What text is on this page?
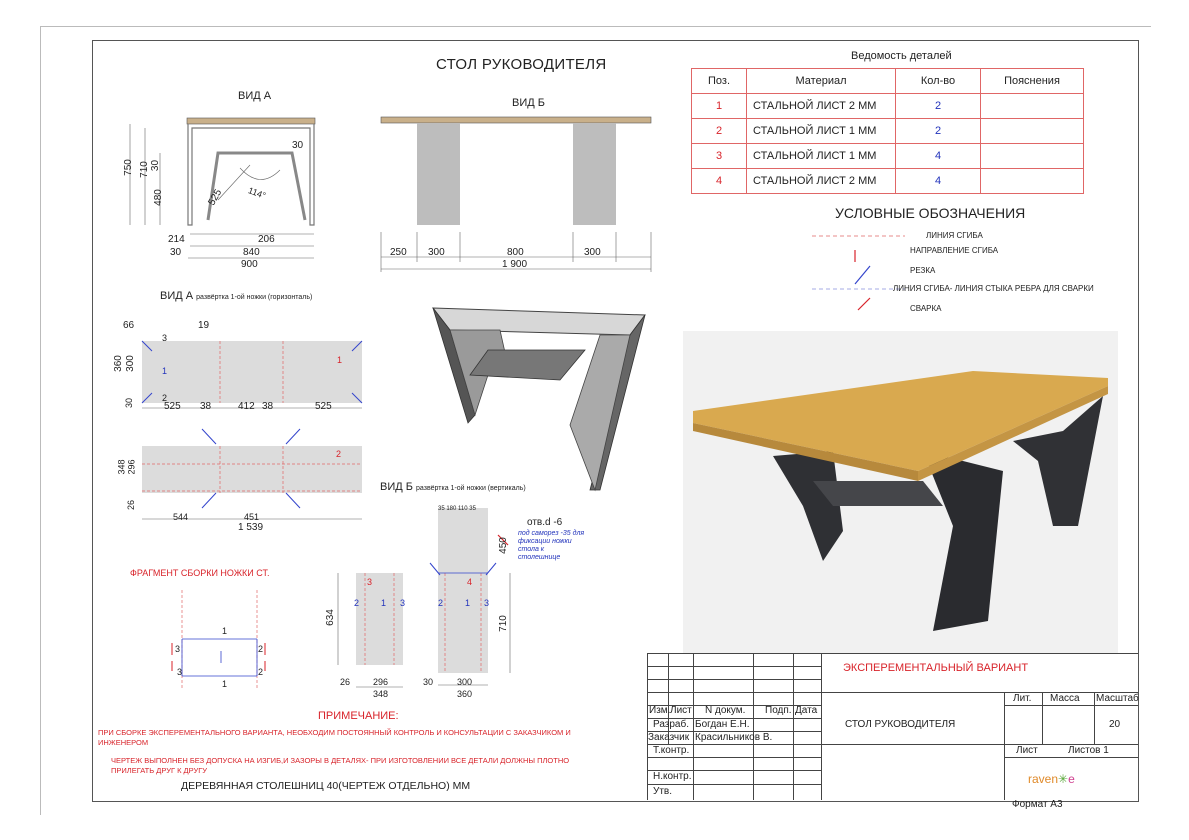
СТОЛ РУКОВОДИТЕЛЯ
ВИД А
ВИД Б
750 710 30
480
30
525	114°
214	206
30	840
900
250 300	800	300
1 900
ВИД А развёртка 1-ой ножки (горизонталь)
66	19
360 300
30	525 38	412 38	525
3
1
1
2
348 296
26
2
544	451
1 539
ВИД Б развёртка 1-ой ножки (вертикаль)
35 180 110 35
отв.d -6
под саморез -35 для фиксации ножки стола к столешнице
450
710
634
26	296
348
30	300
360
3
2 1 3	2 1 3
4
ФРАГМЕНТ СБОРКИ НОЖКИ СТ.
1
1
3
3
2
2
ПРИМЕЧАНИЕ:
ПРИ СБОРКЕ ЭКСПЕРЕМЕНТАЛЬНОГО ВАРИАНТА, НЕОБХОДИМ ПОСТОЯННЫЙ КОНТРОЛЬ И КОНСУЛЬТАЦИИ С ЗАКАЗЧИКОМ И
ИНЖЕНЕРОМ
ЧЕРТЕЖ ВЫПОЛНЕН БЕЗ ДОПУСКА НА ИЗГИБ,И ЗАЗОРЫ В ДЕТАЛЯХ- ПРИ ИЗГОТОВЛЕНИИ ВСЕ ДЕТАЛИ ДОЛЖНЫ ПЛОТНО
ПРИЛЕГАТЬ ДРУГ К ДРУГУ
ДЕРЕВЯННАЯ СТОЛЕШНИЦ 40(ЧЕРТЕЖ ОТДЕЛЬНО) ММ
Ведомость деталей
Поз.	Материал	Кол-во	Пояснения
1	СТАЛЬНОЙ ЛИСТ 2 ММ	2	
2	СТАЛЬНОЙ ЛИСТ 1 ММ	2	
3	СТАЛЬНОЙ ЛИСТ 1 ММ	4	
4	СТАЛЬНОЙ ЛИСТ 2 ММ	4	
УСЛОВНЫЕ ОБОЗНАЧЕНИЯ
ЛИНИЯ СГИБА
НАПРАВЛЕНИЕ СГИБА
РЕЗКА
ЛИНИЯ СГИБА- ЛИНИЯ СТЫКА РЕБРА ДЛЯ СВАРКИ
СВАРКА
ЭКСПЕРЕМЕНТАЛЬНЫЙ ВАРИАНТ
СТОЛ РУКОВОДИТЕЛЯ
Изм. Лист N докум. Подп. Дата
Разраб. Богдан Е.Н.
Заказчик Красильников В.
Т.контр.
Н.контр.
Утв.
Лит. Масса Масштаб
20
Лист	Листов 1
raven✳e
Формат А3
